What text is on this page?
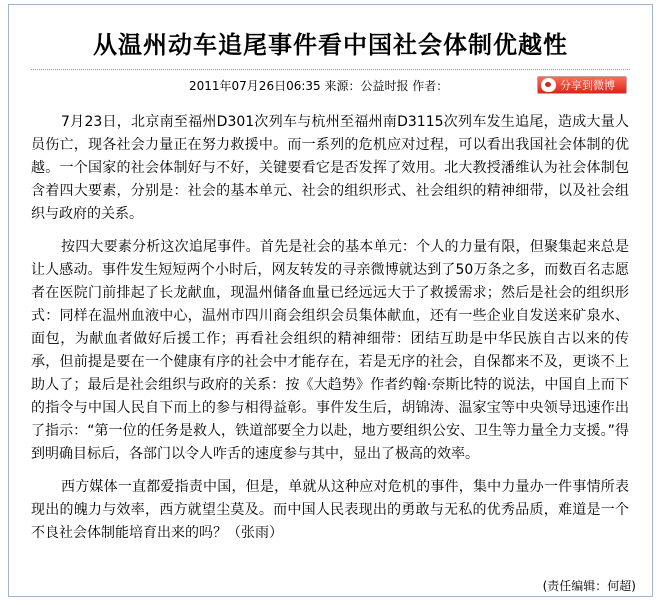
从温州动车追尾事件看中国社会体制优越性
2011年07月26日06:35 来源：公益时报 作者：	分享到微博

7月23日，北京南至福州D301次列车与杭州至福州南D3115次列车发生追尾，造成大量人员伤亡，现各社会力量正在努力救援中。而一系列的危机应对过程，可以看出我国社会体制的优越。一个国家的社会体制好与不好，关键要看它是否发挥了效用。北大教授潘维认为社会体制包含着四大要素，分别是：社会的基本单元、社会的组织形式、社会组织的精神细带，以及社会组织与政府的关系。

按四大要素分析这次追尾事件。首先是社会的基本单元：个人的力量有限，但聚集起来总是让人感动。事件发生短短两个小时后，网友转发的寻亲微博就达到了50万条之多，而数百名志愿者在医院门前排起了长龙献血，现温州储备血量已经远远大于了救援需求；然后是社会的组织形式：同样在温州血液中心，温州市四川商会组织会员集体献血，还有一些企业自发送来矿泉水、面包，为献血者做好后援工作；再看社会组织的精神细带：团结互助是中华民族自古以来的传承，但前提是要在一个健康有序的社会中才能存在，若是无序的社会，自保都来不及，更谈不上助人了；最后是社会组织与政府的关系：按《大趋势》作者约翰·奈斯比特的说法，中国自上而下的指令与中国人民自下而上的参与相得益彰。事件发生后，胡锦涛、温家宝等中央领导迅速作出了指示：“第一位的任务是救人，铁道部要全力以赴，地方要组织公安、卫生等力量全力支援。”得到明确目标后，各部门以令人咋舌的速度参与其中，显出了极高的效率。

西方媒体一直都爱指责中国，但是，单就从这种应对危机的事件，集中力量办一件事情所表现出的魄力与效率，西方就望尘莫及。而中国人民表现出的勇敢与无私的优秀品质，难道是一个不良社会体制能培育出来的吗？（张雨）

(责任编辑：何超)
